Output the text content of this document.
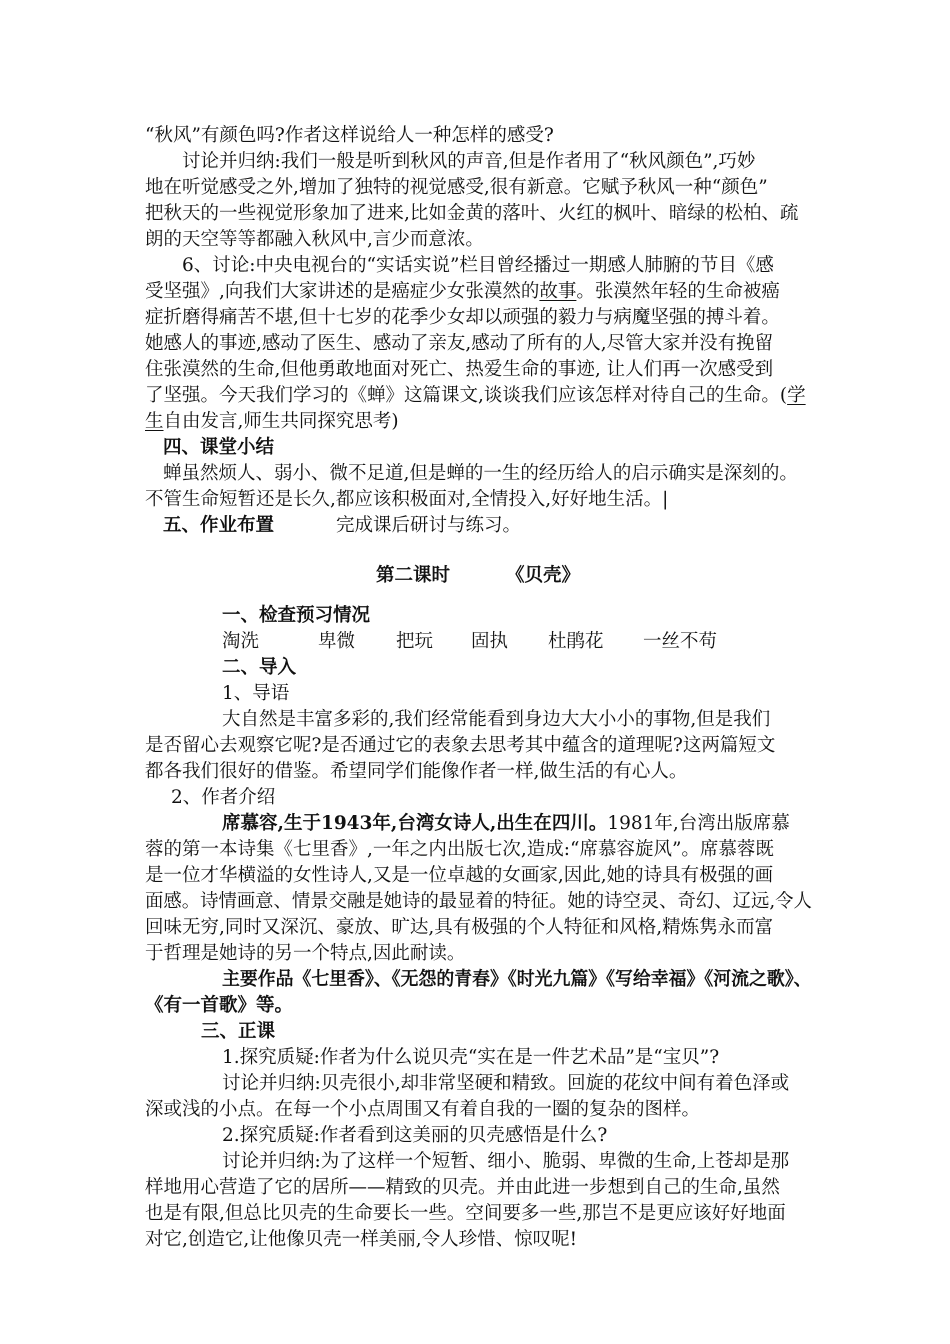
“秋风”有颜色吗?作者这样说给人一种怎样的感受?
讨论并归纳:我们一般是听到秋风的声音,但是作者用了“秋风颜色”,巧妙
地在听觉感受之外,增加了独特的视觉感受,很有新意。它赋予秋风一种“颜色”
把秋天的一些视觉形象加了进来,比如金黄的落叶、火红的枫叶、暗绿的松柏、疏
朗的天空等等都融入秋风中,言少而意浓。
6、讨论:中央电视台的“实话实说”栏目曾经播过一期感人肺腑的节目《感
受坚强》,向我们大家讲述的是癌症少女张漠然的故事。张漠然年轻的生命被癌
症折磨得痛苦不堪,但十七岁的花季少女却以顽强的毅力与病魔坚强的搏斗着。
她感人的事迹,感动了医生、感动了亲友,感动了所有的人,尽管大家并没有挽留
住张漠然的生命,但他勇敢地面对死亡、热爱生命的事迹, 让人们再一次感受到
了坚强。今天我们学习的《蝉》这篇课文,谈谈我们应该怎样对待自己的生命。(学
生自由发言,师生共同探究思考)
四、课堂小结
蝉虽然烦人、弱小、微不足道,但是蝉的一生的经历给人的启示确实是深刻的。
不管生命短暂还是长久,都应该积极面对,全情投入,好好地生活。|
五、作业布置	完成课后研讨与练习。
第二课时	《贝壳》
一、检查预习情况
淘洗	卑微 把玩 固执 杜鹃花 一丝不苟
二、导入
1、导语
大自然是丰富多彩的,我们经常能看到身边大大小小的事物,但是我们
是否留心去观察它呢?是否通过它的表象去思考其中蕴含的道理呢?这两篇短文
都各我们很好的借鉴。希望同学们能像作者一样,做生活的有心人。
2、作者介绍
席慕容,生于1943年,台湾女诗人,出生在四川。1981年,台湾出版席慕
蓉的第一本诗集《七里香》,一年之内出版七次,造成:“席慕容旋风”。席慕蓉既
是一位才华横溢的女性诗人,又是一位卓越的女画家,因此,她的诗具有极强的画
面感。诗情画意、情景交融是她诗的最显着的特征。她的诗空灵、奇幻、辽远,令人
回味无穷,同时又深沉、豪放、旷达,具有极强的个人特征和风格,精炼隽永而富
于哲理是她诗的另一个特点,因此耐读。
主要作品《七里香》、《无怨的青春》《时光九篇》《写给幸福》《河流之歌》、
《有一首歌》等。
三、正课
1.探究质疑:作者为什么说贝壳“实在是一件艺术品”是“宝贝”?
讨论并归纳:贝壳很小,却非常坚硬和精致。回旋的花纹中间有着色泽或
深或浅的小点。在每一个小点周围又有着自我的一圈的复杂的图样。
2.探究质疑:作者看到这美丽的贝壳感悟是什么?
讨论并归纳:为了这样一个短暂、细小、脆弱、卑微的生命,上苍却是那
样地用心营造了它的居所——精致的贝壳。并由此进一步想到自己的生命,虽然
也是有限,但总比贝壳的生命要长一些。空间要多一些,那岂不是更应该好好地面
对它,创造它,让他像贝壳一样美丽,令人珍惜、惊叹呢!
